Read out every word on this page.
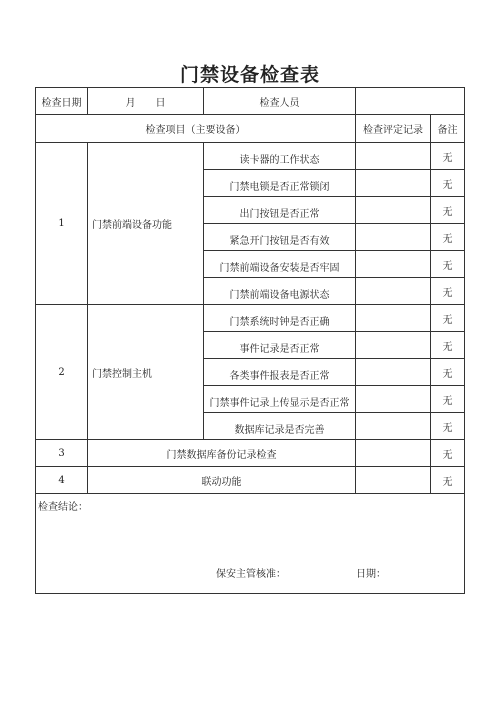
门禁设备检查表
检查日期	月　　日	检查人员		
检查项目（主要设备）			检查评定记录	备注
1	门禁前端设备功能	读卡器的工作状态		无
		门禁电锁是否正常锁闭		无
		出门按钮是否正常		无
		紧急开门按钮是否有效		无
		门禁前端设备安装是否牢固		无
		门禁前端设备电源状态		无
2	门禁控制主机	门禁系统时钟是否正确		无
		事件记录是否正常		无
		各类事件报表是否正常		无
		门禁事件记录上传显示是否正常		无
		数据库记录是否完善		无
3	门禁数据库备份记录检查			无
4	联动功能			无
检查结论：
保安主管核准： 日期：				
